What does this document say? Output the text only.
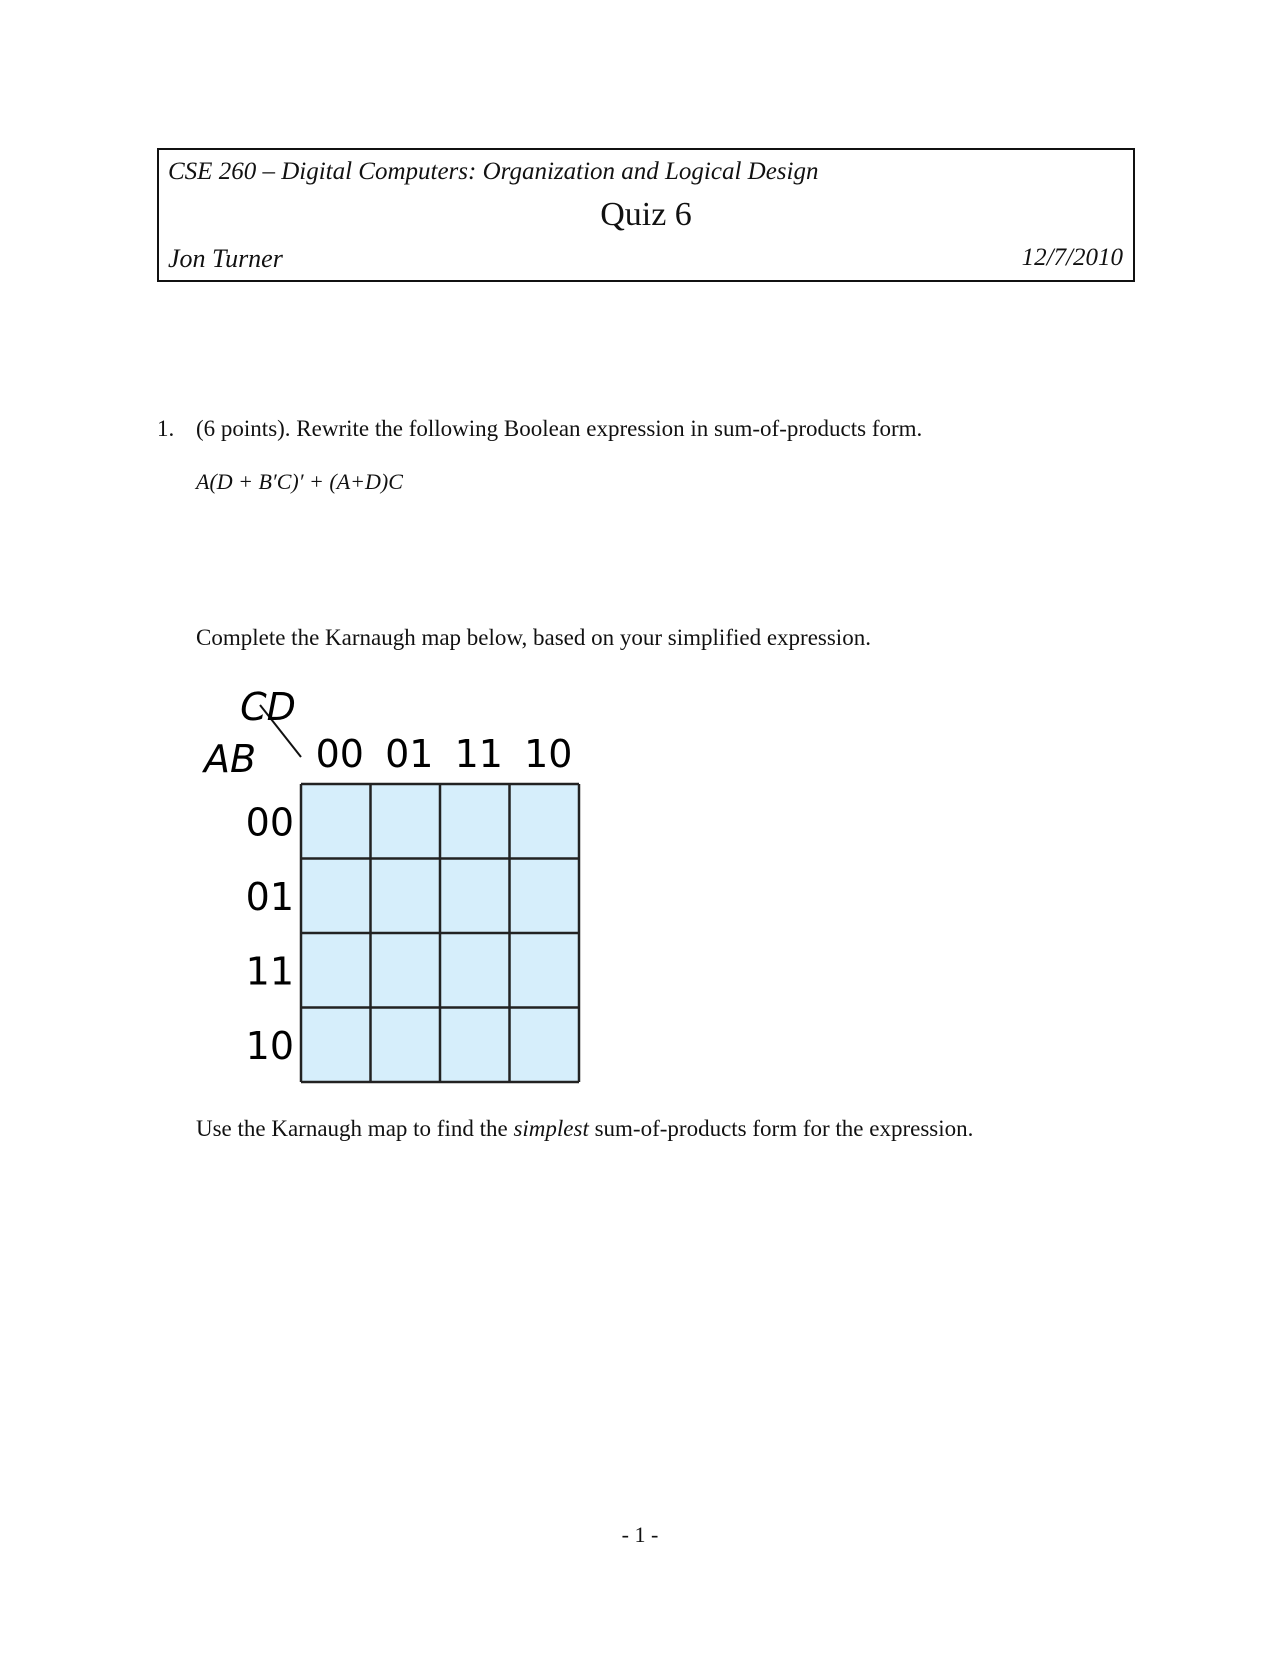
CSE 260 – Digital Computers: Organization and Logical Design
Quiz 6
Jon Turner	12/7/2010
1. (6 points). Rewrite the following Boolean expression in sum-of-products form.
A(D + B′C)′ + (A+D)C
Complete the Karnaugh map below, based on your simplified expression.
CD
AB 00 01 11 10
00
01
11
10
Use the Karnaugh map to find the simplest sum-of-products form for the expression.
- 1 -
